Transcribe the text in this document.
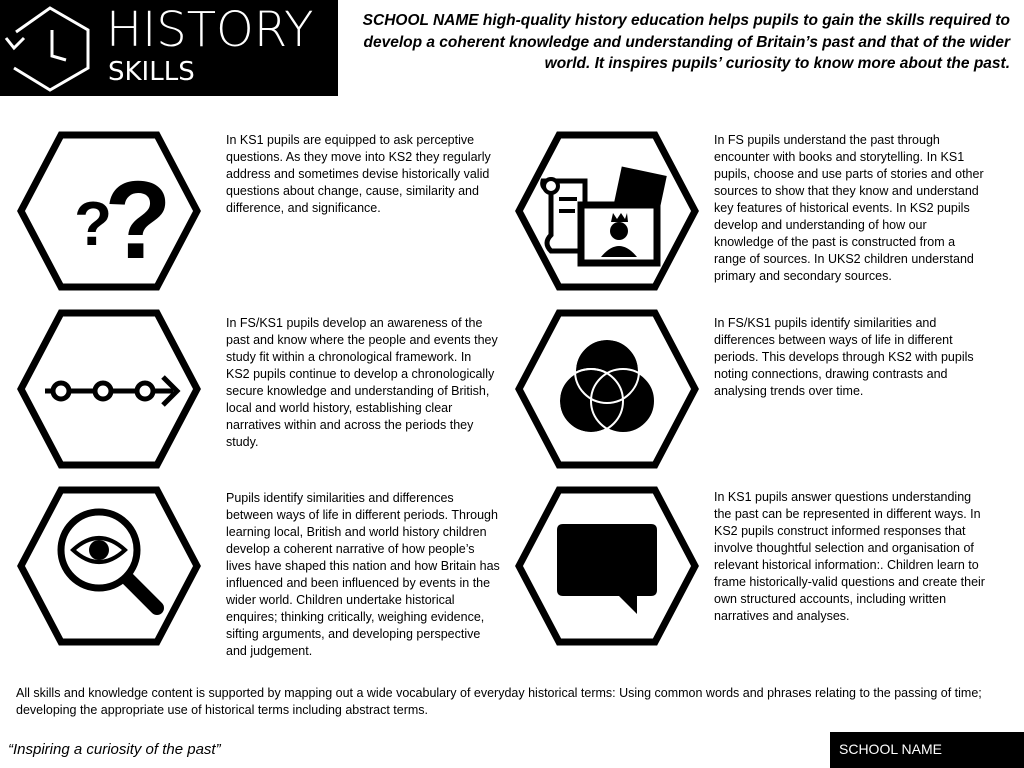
HISTORY
SKILLS
SCHOOL NAME high-quality history education helps pupils to gain the skills required to develop a coherent knowledge and understanding of Britain’s past and that of the wider world. It inspires pupils’ curiosity to know more about the past.
?
?
In KS1 pupils are equipped to ask perceptive questions. As they move into KS2 they regularly address and sometimes devise historically valid questions about change, cause, similarity and difference, and significance.
In FS pupils understand the past through encounter with books and storytelling. In KS1 pupils, choose and use parts of stories and other sources to show that they know and understand key features of historical events. In KS2 pupils develop and understanding of how our knowledge of the past is constructed from a range of sources. In UKS2 children understand primary and secondary sources.
In FS/KS1 pupils develop an awareness of the past and know where the people and events they study fit within a chronological framework. In KS2 pupils continue to develop a chronologically secure knowledge and understanding of British, local and world history, establishing clear narratives within and across the periods they study.
In FS/KS1 pupils identify similarities and differences between ways of life in different periods. This develops through KS2 with pupils noting connections, drawing contrasts and analysing trends over time.
Pupils identify similarities and differences between ways of life in different periods. Through learning local, British and world history children develop a coherent narrative of how people’s lives have shaped this nation and how Britain has influenced and been influenced by events in the wider world. Children undertake historical enquires; thinking critically, weighing evidence, sifting arguments, and developing perspective and judgement.
In KS1 pupils answer questions understanding the past can be represented in different ways. In KS2 pupils construct informed responses that involve thoughtful selection and organisation of relevant historical information:. Children learn to frame historically-valid questions and create their own structured accounts, including written narratives and analyses.
All skills and knowledge content is supported by mapping out a wide vocabulary of everyday historical terms: Using common words and phrases relating to the passing of time; developing the appropriate use of historical terms including abstract terms.
“Inspiring a curiosity of the past”	SCHOOL NAME
